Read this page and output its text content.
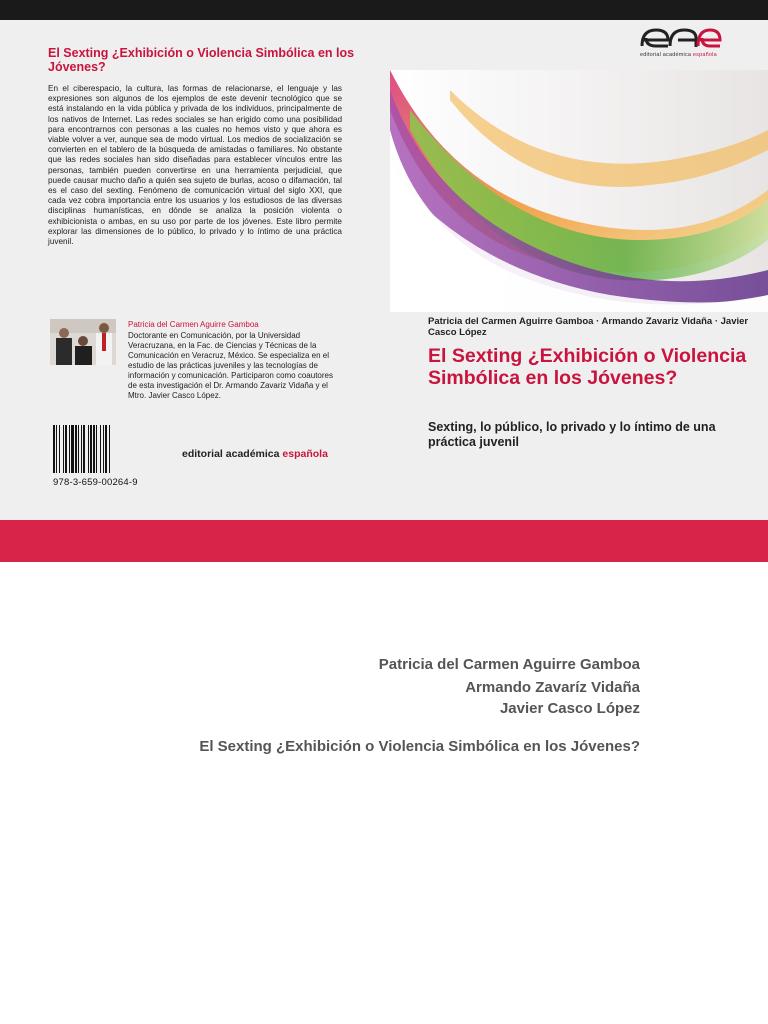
El Sexting ¿Exhibición o Violencia Simbólica en los Jóvenes?
En el ciberespacio, la cultura, las formas de relacionarse, el lenguaje y las expresiones son algunos de los ejemplos de este devenir tecnológico que se está instalando en la vida pública y privada de los individuos, principalmente de los nativos de Internet. Las redes sociales se han erigido como una posibilidad para encontrarnos con personas a las cuales no hemos visto y que ahora es viable volver a ver, aunque sea de modo virtual. Los medios de socialización se convierten en el tablero de la búsqueda de amistadas o familiares. No obstante que las redes sociales han sido diseñadas para establecer vínculos entre las personas, también pueden convertirse en una herramienta perjudicial, que puede causar mucho daño a quién sea sujeto de burlas, acoso o difamación, tal es el caso del sexting. Fenómeno de comunicación virtual del siglo XXI, que cada vez cobra importancia entre los usuarios y los estudiosos de las diversas disciplinas humanísticas, en dónde se analiza la posición violenta o exhibicionista o ambas, en su uso por parte de los jóvenes. Este libro permite explorar las dimensiones de lo público, lo privado y lo íntimo de una práctica juvenil.
Patricia del Carmen Aguirre Gamboa
Doctorante en Comunicación, por la Universidad Veracruzana, en la Fac. de Ciencias y Técnicas de la Comunicación en Veracruz, México. Se especializa en el estudio de las prácticas juveniles y las tecnologías de información y comunicación. Participaron como coautores de esta investigación el Dr. Armando Zavariz Vidaña y el Mtro. Javier Casco López.
978-3-659-00264-9
editorial académica española
editorial académica española
Patricia del Carmen Aguirre Gamboa · Armando Zavariz Vidaña · Javier Casco López
El Sexting ¿Exhibición o Violencia Simbólica en los Jóvenes?
Sexting, lo público, lo privado y lo íntimo de una práctica juvenil
Patricia del Carmen Aguirre Gamboa
Armando Zavaríz Vidaña
Javier Casco López
El Sexting ¿Exhibición o Violencia Simbólica en los Jóvenes?
